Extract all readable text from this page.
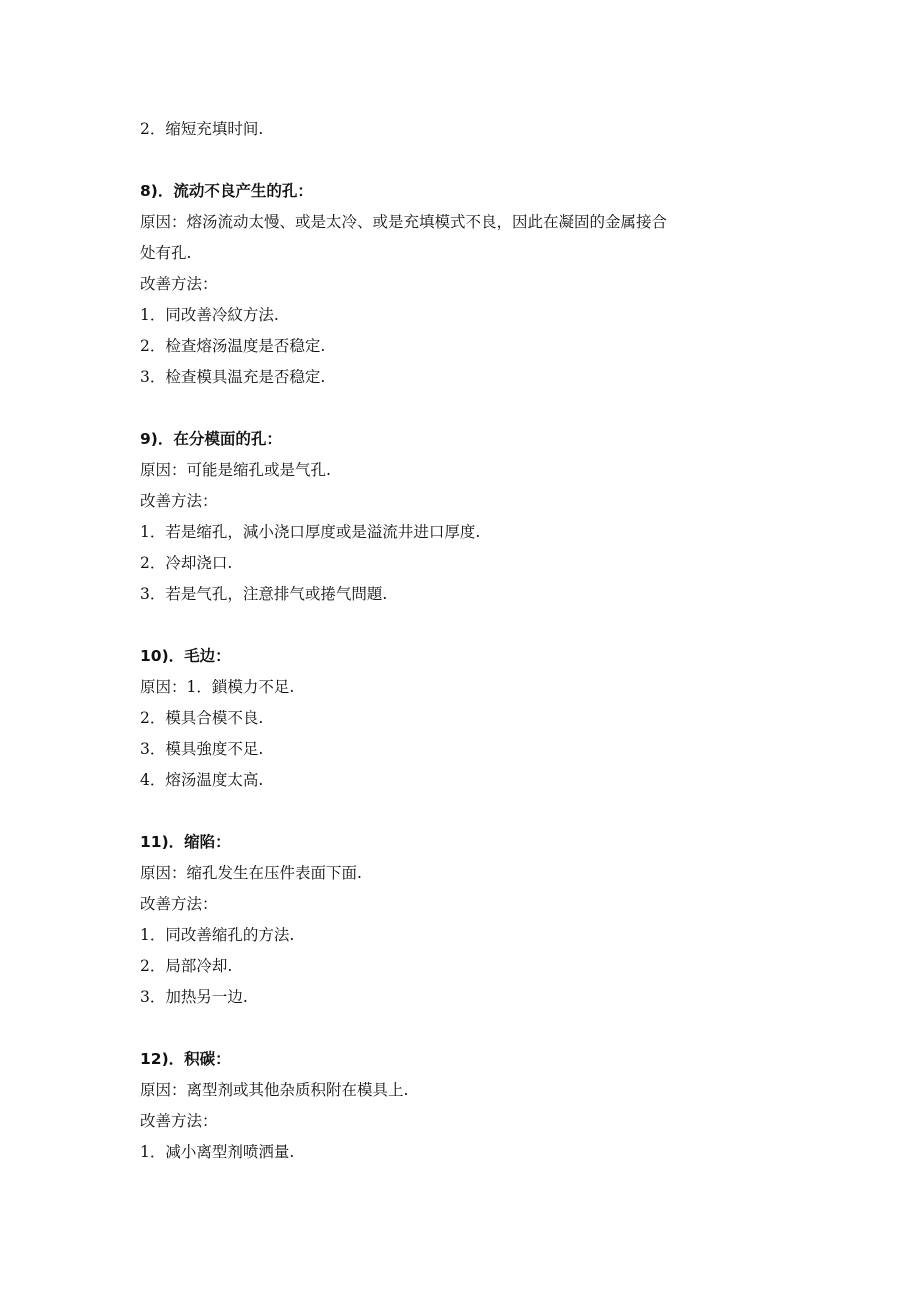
2．缩短充填时间.
8)．流动不良产生的孔：
原因：熔汤流动太慢、或是太冷、或是充填模式不良，因此在凝固的金属接合
处有孔.
改善方法：
1．同改善冷紋方法.
2．检查熔汤温度是否稳定.
3．检查模具温充是否稳定.
9)．在分模面的孔：
原因：可能是缩孔或是气孔.
改善方法：
1．若是缩孔，減小浇口厚度或是溢流井进口厚度.
2．冷却浇口.
3．若是气孔，注意排气或捲气問題.
10)．毛边：
原因：1．鎖模力不足.
2．模具合模不良.
3．模具強度不足.
4．熔汤温度太高.
11)．缩陷：
原因：缩孔发生在压件表面下面.
改善方法：
1．同改善缩孔的方法.
2．局部冷却.
3．加热另一边.
12)．积碳：
原因：离型剂或其他杂质积附在模具上.
改善方法：
1．减小离型剂喷洒量.
